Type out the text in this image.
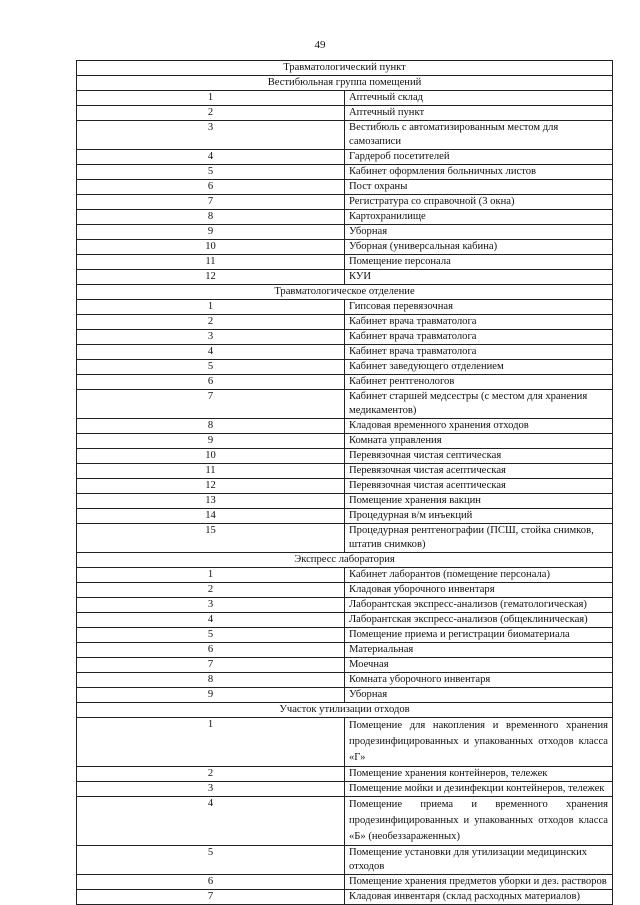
49
Травматологический пункт	
Вестибюльная группа помещений	
1	Аптечный склад
2	Аптечный пункт
3	Вестибюль с автоматизированным местом для самозаписи
4	Гардероб посетителей
5	Кабинет оформления больничных листов
6	Пост охраны
7	Регистратура со справочной (3 окна)
8	Картохранилище
9	Уборная
10	Уборная (универсальная кабина)
11	Помещение персонала
12	КУИ
Травматологическое отделение	
1	Гипсовая перевязочная
2	Кабинет врача травматолога
3	Кабинет врача травматолога
4	Кабинет врача травматолога
5	Кабинет заведующего отделением
6	Кабинет рентгенологов
7	Кабинет старшей медсестры (с местом для хранения медикаментов)
8	Кладовая временного хранения отходов
9	Комната управления
10	Перевязочная чистая септическая
11	Перевязочная чистая асептическая
12	Перевязочная чистая асептическая
13	Помещение хранения вакцин
14	Процедурная в/м инъекций
15	Процедурная рентгенографии (ПСШ, стойка снимков, штатив снимков)
Экспресс лаборатория	
1	Кабинет лаборантов (помещение персонала)
2	Кладовая уборочного инвентаря
3	Лаборантская экспресс-анализов (гематологическая)
4	Лаборантская экспресс-анализов (общеклиническая)
5	Помещение приема и регистрации биоматериала
6	Материальная
7	Моечная
8	Комната уборочного инвентаря
9	Уборная
Участок утилизации отходов	
1	Помещение для накопления и временного хранения продезинфицированных и упакованных отходов класса «Г»
2	Помещение хранения контейнеров, тележек
3	Помещение мойки и дезинфекции контейнеров, тележек
4	Помещение приема и временного хранения продезинфицированных и упакованных отходов класса «Б» (необеззараженных)
5	Помещение установки для утилизации медицинских отходов
6	Помещение хранения предметов уборки и дез. растворов
7	Кладовая инвентаря (склад расходных материалов)
